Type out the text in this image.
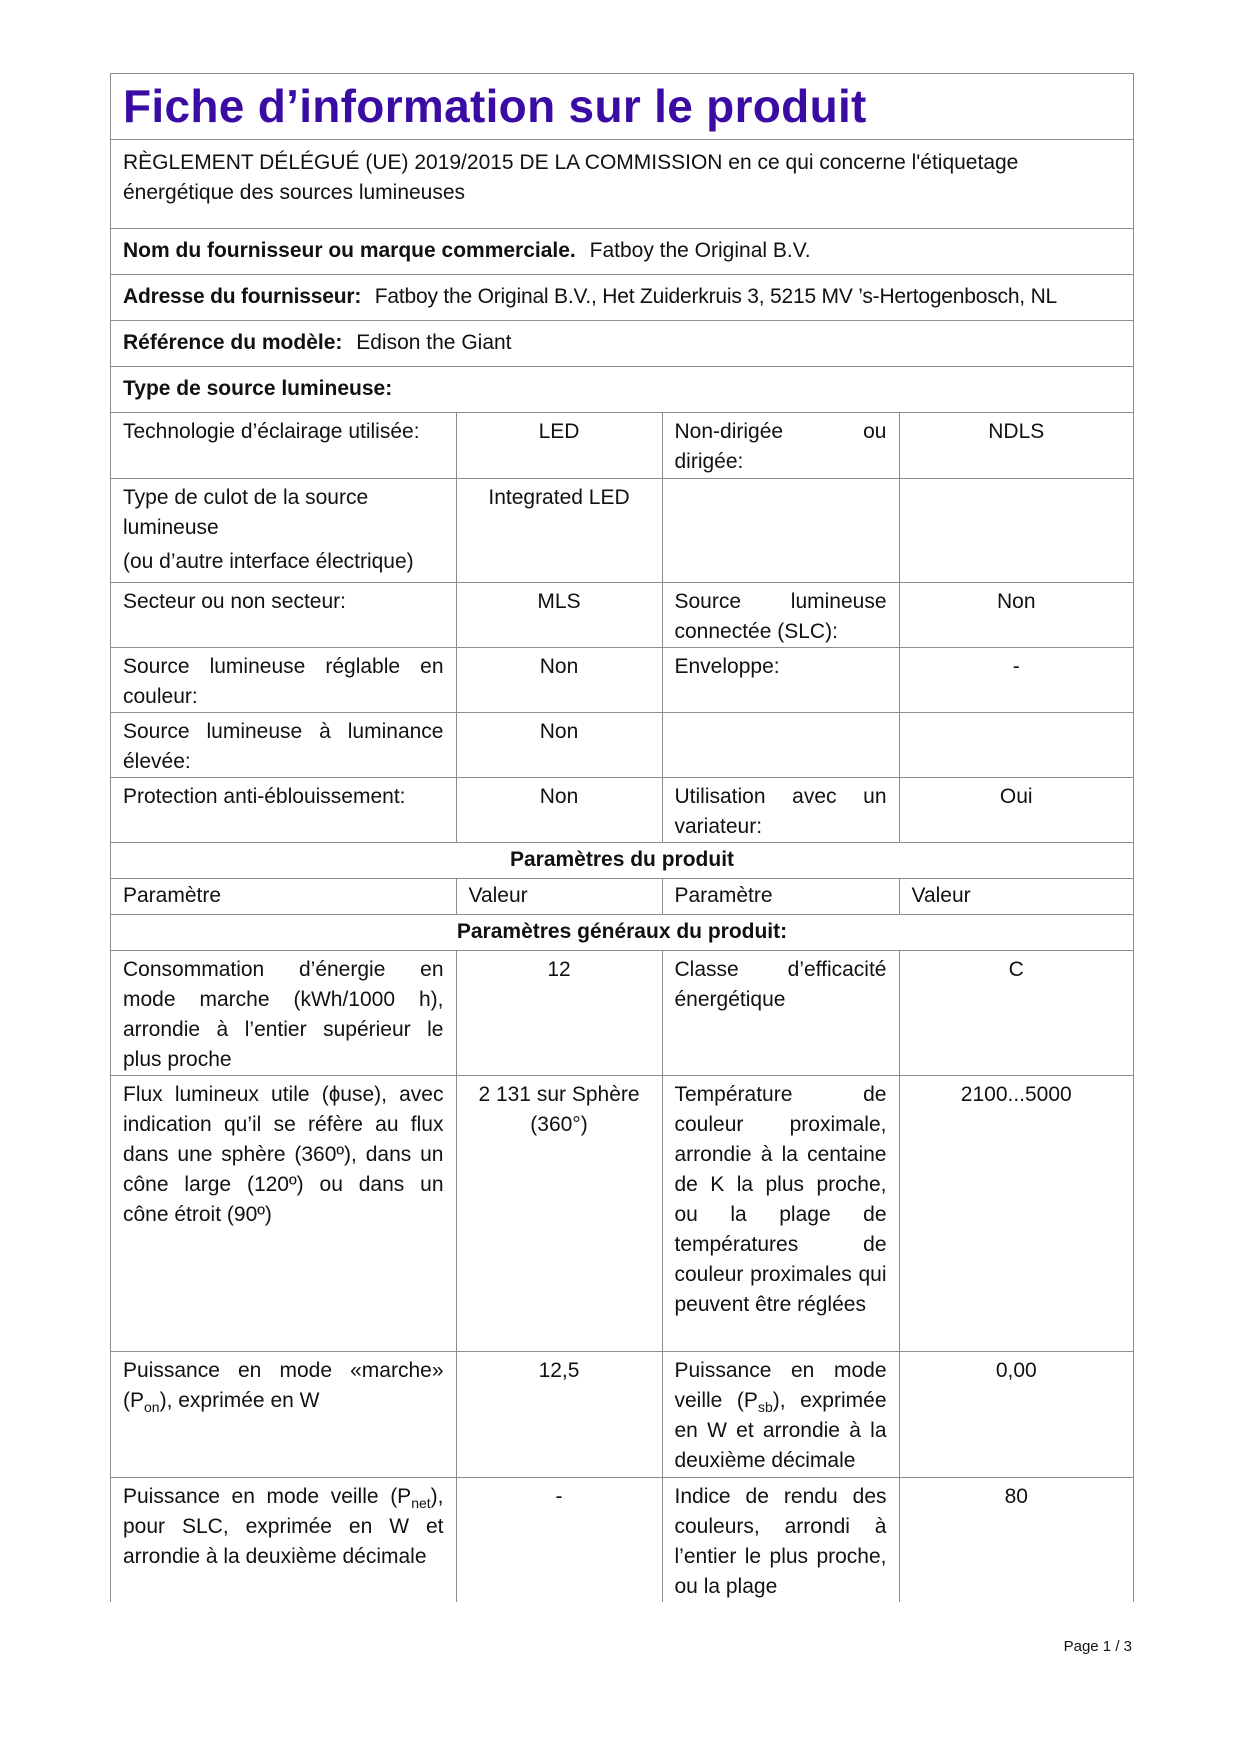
Fiche d’information sur le produit
RÈGLEMENT DÉLÉGUÉ (UE) 2019/2015 DE LA COMMISSION en ce qui concerne l'étiquetage énergétique des sources lumineuses
Nom du fournisseur ou marque commerciale. Fatboy the Original B.V.
Adresse du fournisseur: Fatboy the Original B.V., Het Zuiderkruis 3, 5215 MV ’s-Hertogenbosch, NL
Référence du modèle: Edison the Giant
Type de source lumineuse:
Technologie d’éclairage utilisée:	LED	Non-dirigée ou dirigée:	NDLS

Type de culot de la source lumineuse
(ou d’autre interface électrique)	Integrated LED		
Secteur ou non secteur:	MLS	Source lumineuse connectée (SLC):	Non
Source lumineuse réglable en couleur:	Non	Enveloppe:	-
Source lumineuse à luminance élevée:	Non		
Protection anti-éblouissement:	Non	Utilisation avec un variateur:	Oui
Paramètres du produit			
Paramètre	Valeur	Paramètre	Valeur
Paramètres généraux du produit:			
Consommation d’énergie en mode marche (kWh/1000 h), arrondie à l’entier supérieur le plus proche	12	Classe d’efficacité énergétique	C
Flux lumineux utile (ɸuse), avec indication qu’il se réfère au flux dans une sphère (360º), dans un cône large (120º) ou dans un cône étroit (90º)	2 131 sur Sphère (360°)	Température de couleur proximale, arrondie à la centaine de K la plus proche, ou la plage de températures de couleur proximales qui peuvent être réglées	2100...5000
Puissance en mode «marche» $(P_{on})$, exprimée en W	12,5	Puissance en mode veille $(P_{sb})$, exprimée en W et arrondie à la deuxième décimale	0,00
Puissance en mode veille $(P_{net})$, pour SLC, exprimée en W et arrondie à la deuxième décimale	-	Indice de rendu des couleurs, arrondi à l’entier le plus proche, ou la plage	80
Page 1 / 3
